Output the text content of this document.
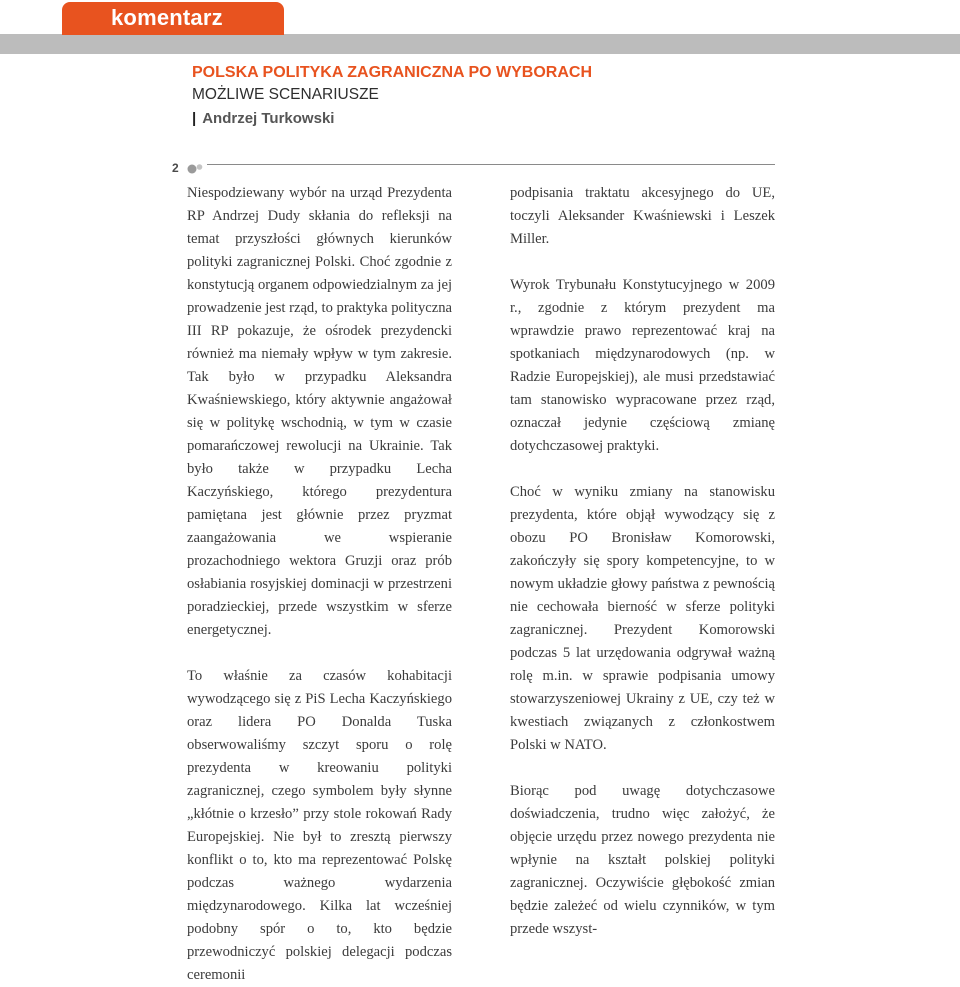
komentarz
POLSKA POLITYKA ZAGRANICZNA PO WYBORACH
MOŻLIWE SCENARIUSZE
| Andrzej Turkowski
2

Niespodziewany wybór na urząd Prezydenta RP Andrzej Dudy skłania do refleksji na temat przyszłości głównych kierunków polityki zagranicznej Polski. Choć zgodnie z konstytucją organem odpowiedzialnym za jej prowadzenie jest rząd, to praktyka polityczna III RP pokazuje, że ośrodek prezydencki również ma niemały wpływ w tym zakresie. Tak było w przypadku Aleksandra Kwaśniewskiego, który aktywnie angażował się w politykę wschodnią, w tym w czasie pomarańczowej rewolucji na Ukrainie. Tak było także w przypadku Lecha Kaczyńskiego, którego prezydentura pamiętana jest głównie przez pryzmat zaangażowania we wspieranie prozachodniego wektora Gruzji oraz prób osłabiania rosyjskiej dominacji w przestrzeni poradzieckiej, przede wszystkim w sferze energetycznej.

To właśnie za czasów kohabitacji wywodzącego się z PiS Lecha Kaczyńskiego oraz lidera PO Donalda Tuska obserwowaliśmy szczyt sporu o rolę prezydenta w kreowaniu polityki zagranicznej, czego symbolem były słynne „kłótnie o krzesło” przy stole rokowań Rady Europejskiej. Nie był to zresztą pierwszy konflikt o to, kto ma reprezentować Polskę podczas ważnego wydarzenia międzynarodowego. Kilka lat wcześniej podobny spór o to, kto będzie przewodniczyć polskiej delegacji podczas ceremonii

podpisania traktatu akcesyjnego do UE, toczyli Aleksander Kwaśniewski i Leszek Miller.

Wyrok Trybunału Konstytucyjnego w 2009 r., zgodnie z którym prezydent ma wprawdzie prawo reprezentować kraj na spotkaniach międzynarodowych (np. w Radzie Europejskiej), ale musi przedstawiać tam stanowisko wypracowane przez rząd, oznaczał jedynie częściową zmianę dotychczasowej praktyki.

Choć w wyniku zmiany na stanowisku prezydenta, które objął wywodzący się z obozu PO Bronisław Komorowski, zakończyły się spory kompetencyjne, to w nowym układzie głowy państwa z pewnością nie cechowała bierność w sferze polityki zagranicznej. Prezydent Komorowski podczas 5 lat urzędowania odgrywał ważną rolę m.in. w sprawie podpisania umowy stowarzyszeniowej Ukrainy z UE, czy też w kwestiach związanych z członkostwem Polski w NATO.

Biorąc pod uwagę dotychczasowe doświadczenia, trudno więc założyć, że objęcie urzędu przez nowego prezydenta nie wpłynie na kształt polskiej polityki zagranicznej. Oczywiście głębokość zmian będzie zależeć od wielu czynników, w tym przede wszyst-
